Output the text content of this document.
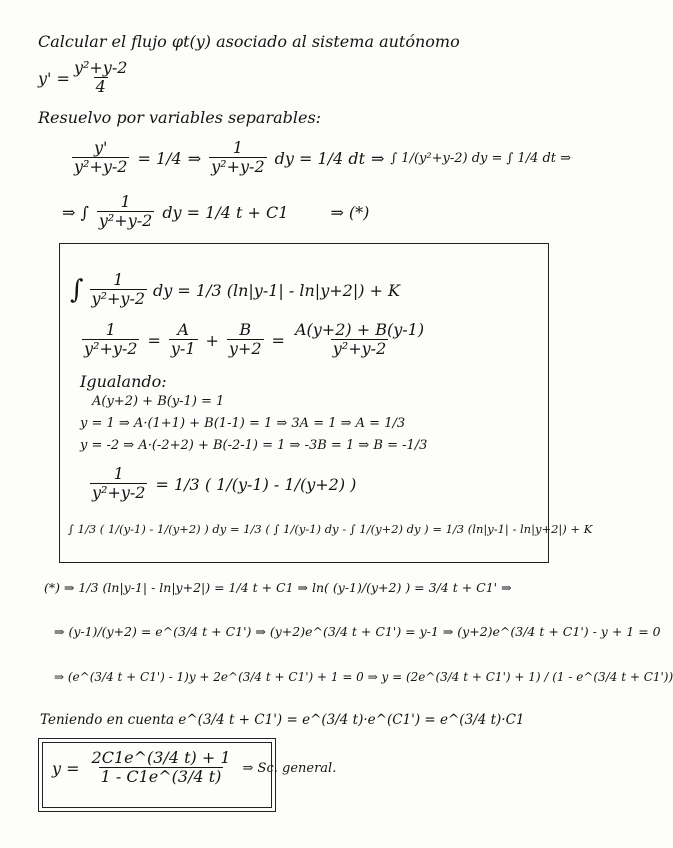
Calcular el flujo φt(y) asociado al sistema autónomo
$y' = \frac{\text{y²+y-2}}{4}$
Resuelvo por variables separables:
$\frac{y'}{\text{y²+y-2}} = 1/4$ ⇒ $\frac{1}{\text{y²+y-2}}$ dy = 1/4 dt ⇒ ∫ 1/(y²+y-2) dy = ∫ 1/4 dt ⇒
⇒ ∫ $\frac{1}{\text{y²+y-2}}$ dy = 1/4 t + C1	⇒ (*)
∫ $\frac{1}{\text{y²+y-2}}$ dy = 1/3 (ln|y-1| - ln|y+2|) + K
$\frac{1}{\text{y²+y-2}} = \frac{A}{y-1} + \frac{B}{y+2} = \frac{A(y+2) + B(y-1)}{\text{y²+y-2}}$
Igualando:
A(y+2) + B(y-1) = 1
y = 1 ⇒ A·(1+1) + B(1-1) = 1 ⇒ 3A = 1 ⇒ A = 1/3
y = -2 ⇒ A·(-2+2) + B(-2-1) = 1 ⇒ -3B = 1 ⇒ B = -1/3
$\frac{1}{\text{y²+y-2}} = 1/3$ ( 1/(y-1) - 1/(y+2) )
∫ 1/3 ( 1/(y-1) - 1/(y+2) ) dy = 1/3 ( ∫ 1/(y-1) dy - ∫ 1/(y+2) dy ) = 1/3 (ln|y-1| - ln|y+2|) + K
(*) ⇒ 1/3 (ln|y-1| - ln|y+2|) = 1/4 t + C1 ⇒ ln( (y-1)/(y+2) ) = 3/4 t + C1' ⇒
⇒ (y-1)/(y+2) = e^(3/4 t + C1') ⇒ (y+2)e^(3/4 t + C1') = y-1 ⇒ (y+2)e^(3/4 t + C1') - y + 1 = 0
⇒ (e^(3/4 t + C1') - 1)y + 2e^(3/4 t + C1') + 1 = 0 ⇒ y = (2e^(3/4 t + C1') + 1) / (1 - e^(3/4 t + C1'))
Teniendo en cuenta e^(3/4 t + C1') = e^(3/4 t)·e^(C1') = e^(3/4 t)·C1
$y = \frac{2C1e\^{}(3/4 t) + 1}{1 - C1e\^{}(3/4 t)}$ ⇒ Sc. general.
